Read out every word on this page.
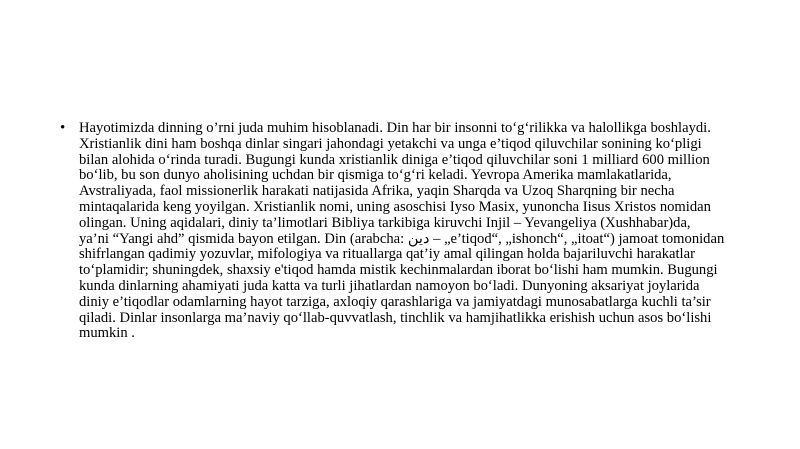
• Hayotimizda dinning o’rni juda muhim hisoblanadi. Din har bir insonni to‘g‘rilikka va halollikga boshlaydi.
Xristianlik dini ham boshqa dinlar singari jahondagi yetakchi va unga e’tiqod qiluvchilar sonining ko‘pligi
bilan alohida o‘rinda turadi. Bugungi kunda xristianlik diniga e’tiqod qiluvchilar soni 1 milliard 600 million
bo‘lib, bu son dunyo aholisining uchdan bir qismiga to‘g‘ri keladi. Yevropa Amerika mamlakatlarida,
Avstraliyada, faol missionerlik harakati natijasida Afrika, yaqin Sharqda va Uzoq Sharqning bir necha
mintaqalarida keng yoyilgan. Xristianlik nomi, uning asoschisi Iyso Masix, yunoncha Iisus Xristos nomidan
olingan. Uning aqidalari, diniy ta’limotlari Bibliya tarkibiga kiruvchi Injil – Yevangeliya (Xushhabar)da,
ya’ni “Yangi ahd” qismida bayon etilgan. Din (arabcha: دين – „e’tiqod“, „ishonch“, „itoat“) jamoat tomonidan
shifrlangan qadimiy yozuvlar, mifologiya va rituallarga qat’iy amal qilingan holda bajariluvchi harakatlar
to‘plamidir; shuningdek, shaxsiy e'tiqod hamda mistik kechinmalardan iborat bo‘lishi ham mumkin. Bugungi
kunda dinlarning ahamiyati juda katta va turli jihatlardan namoyon bo‘ladi. Dunyoning aksariyat joylarida
diniy e’tiqodlar odamlarning hayot tarziga, axloqiy qarashlariga va jamiyatdagi munosabatlarga kuchli ta’sir
qiladi. Dinlar insonlarga ma’naviy qo‘llab-quvvatlash, tinchlik va hamjihatlikka erishish uchun asos bo‘lishi
mumkin .
